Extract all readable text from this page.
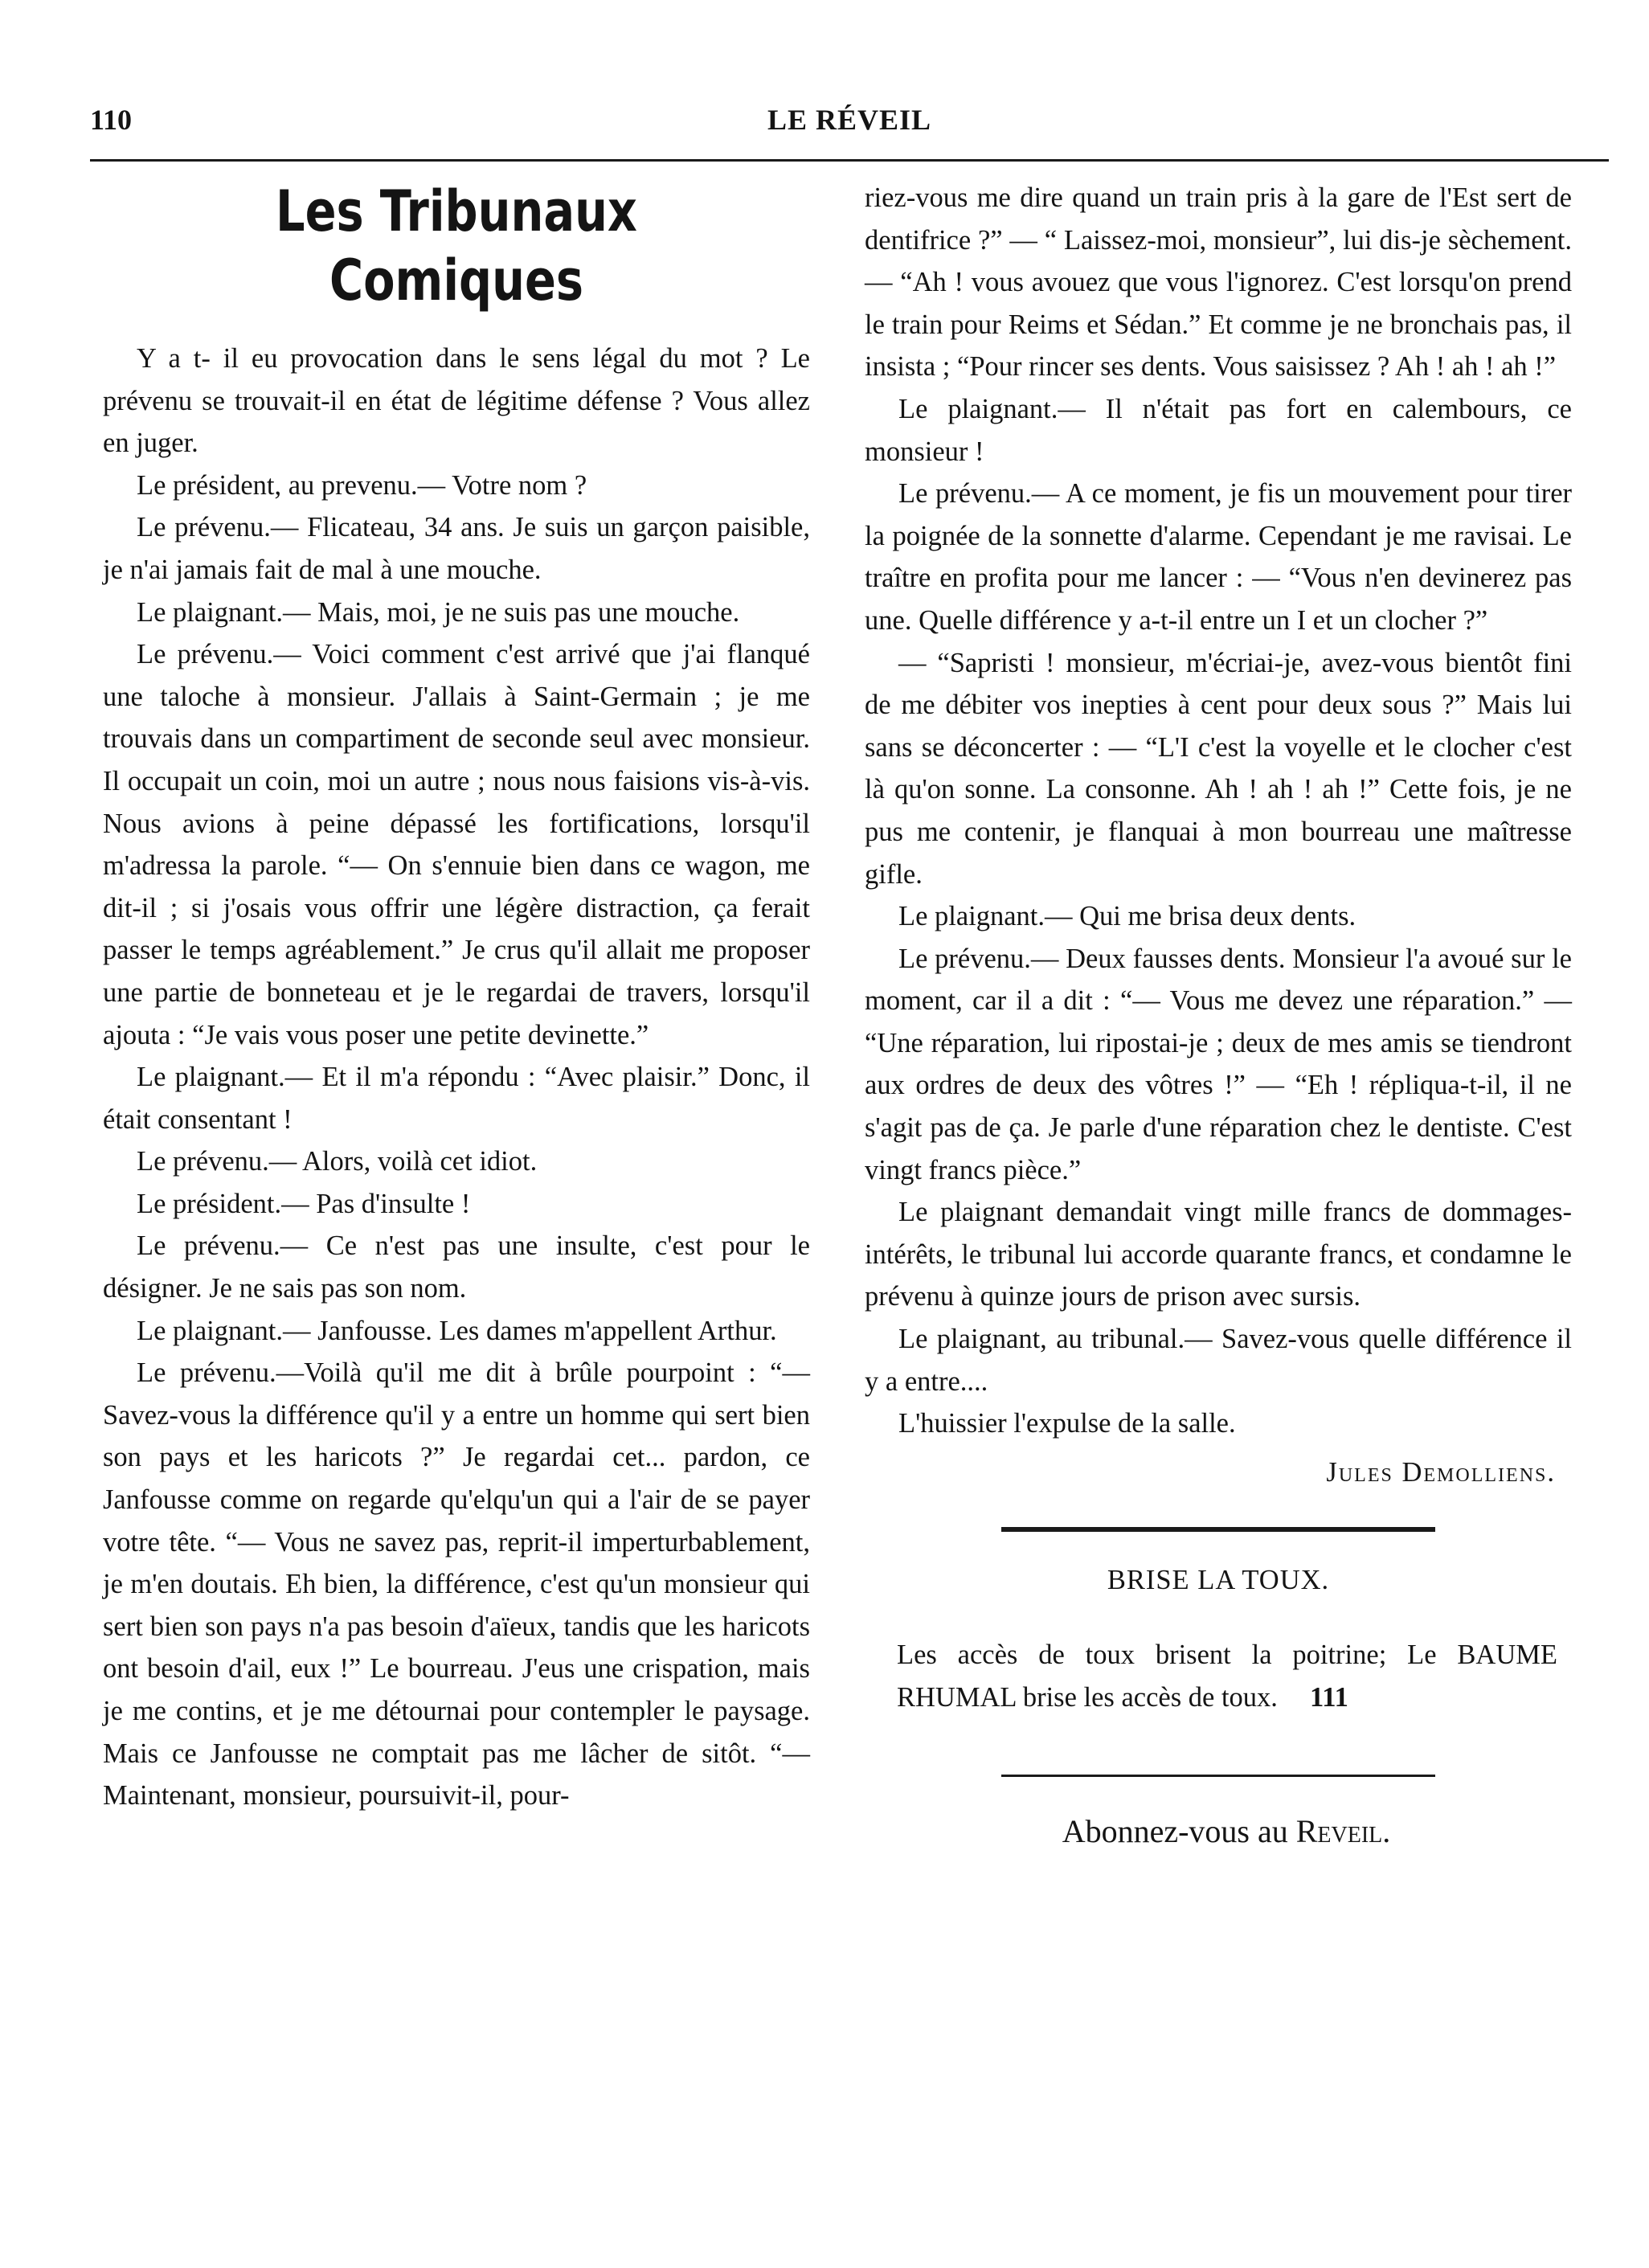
110	LE RÉVEIL
Les Tribunaux Comiques

Y a t- il eu provocation dans le sens légal du mot ? Le prévenu se trouvait-il en état de légitime défense ? Vous allez en juger.

Le président, au prevenu.— Votre nom ?

Le prévenu.— Flicateau, 34 ans. Je suis un garçon paisible, je n'ai jamais fait de mal à une mouche.

Le plaignant.— Mais, moi, je ne suis pas une mouche.

Le prévenu.— Voici comment c'est arrivé que j'ai flanqué une taloche à monsieur. J'allais à Saint-Germain ; je me trouvais dans un compartiment de seconde seul avec monsieur. Il occupait un coin, moi un autre ; nous nous faisions vis-à-vis. Nous avions à peine dépassé les fortifications, lorsqu'il m'adressa la parole. “— On s'ennuie bien dans ce wagon, me dit-il ; si j'osais vous offrir une légère distraction, ça ferait passer le temps agréablement.” Je crus qu'il allait me proposer une partie de bonneteau et je le regardai de travers, lorsqu'il ajouta : “Je vais vous poser une petite devinette.”

Le plaignant.— Et il m'a répondu : “Avec plaisir.” Donc, il était consentant !

Le prévenu.— Alors, voilà cet idiot.

Le président.— Pas d'insulte !

Le prévenu.— Ce n'est pas une insulte, c'est pour le désigner. Je ne sais pas son nom.

Le plaignant.— Janfousse. Les dames m'appellent Arthur.

Le prévenu.—Voilà qu'il me dit à brûle pourpoint : “— Savez-vous la différence qu'il y a entre un homme qui sert bien son pays et les haricots ?” Je regardai cet... pardon, ce Janfousse comme on regarde qu'elqu'un qui a l'air de se payer votre tête. “— Vous ne savez pas, reprit-il imperturbablement, je m'en doutais. Eh bien, la différence, c'est qu'un monsieur qui sert bien son pays n'a pas besoin d'aïeux, tandis que les haricots ont besoin d'ail, eux !” Le bourreau. J'eus une crispation, mais je me contins, et je me détournai pour contempler le paysage. Mais ce Janfousse ne comptait pas me lâcher de sitôt. “— Maintenant, monsieur, poursuivit-il, pour-

riez-vous me dire quand un train pris à la gare de l'Est sert de dentifrice ?” — “ Laissez-moi, monsieur”, lui dis-je sèchement. — “Ah ! vous avouez que vous l'ignorez. C'est lorsqu'on prend le train pour Reims et Sédan.” Et comme je ne bronchais pas, il insista ; “Pour rincer ses dents. Vous saisissez ? Ah ! ah ! ah !”

Le plaignant.— Il n'était pas fort en calembours, ce monsieur !

Le prévenu.— A ce moment, je fis un mouvement pour tirer la poignée de la sonnette d'alarme. Cependant je me ravisai. Le traître en profita pour me lancer : — “Vous n'en devinerez pas une. Quelle différence y a-t-il entre un I et un clocher ?”

— “Sapristi ! monsieur, m'écriai-je, avez-vous bientôt fini de me débiter vos inepties à cent pour deux sous ?” Mais lui sans se déconcerter : — “L'I c'est la voyelle et le clocher c'est là qu'on sonne. La consonne. Ah ! ah ! ah !” Cette fois, je ne pus me contenir, je flanquai à mon bourreau une maîtresse gifle.

Le plaignant.— Qui me brisa deux dents.

Le prévenu.— Deux fausses dents. Monsieur l'a avoué sur le moment, car il a dit : “— Vous me devez une réparation.” — “Une réparation, lui ripostai-je ; deux de mes amis se tiendront aux ordres de deux des vôtres !” — “Eh ! répliqua-t-il, il ne s'agit pas de ça. Je parle d'une réparation chez le dentiste. C'est vingt francs pièce.”

Le plaignant demandait vingt mille francs de dommages-intérêts, le tribunal lui accorde quarante francs, et condamne le prévenu à quinze jours de prison avec sursis.

Le plaignant, au tribunal.— Savez-vous quelle différence il y a entre....

L'huissier l'expulse de la salle.

Jules Demolliens.
BRISE LA TOUX.

Les accès de toux brisent la poitrine; Le BAUME RHUMAL brise les accès de toux. 111

Abonnez-vous au Reveil.
